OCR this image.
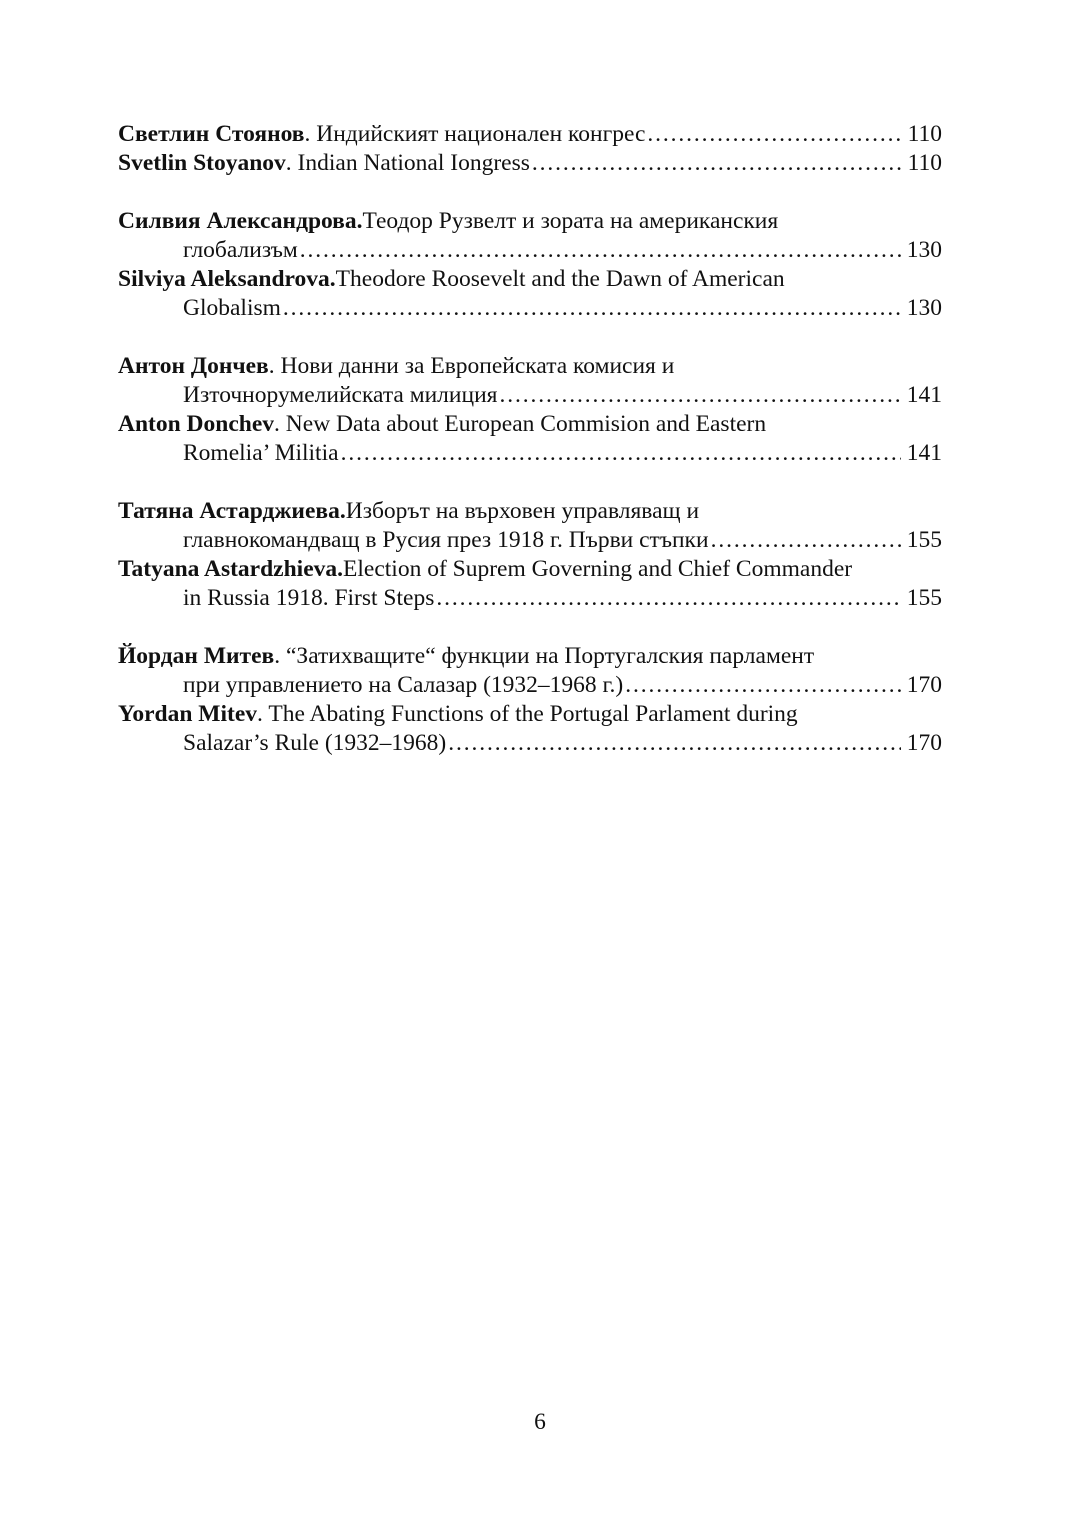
Светлин Стоянов . Индийският национален конгрес . . .	110
Svetlin Stoyanov . Indian National Iongress . . .	110
Силвия Александрова. Теодор Рузвелт и зората на американския
глобализъм . . .	130
Silviya Aleksandrova. Theodore Roosevelt and the Dawn of American
Globalism . . .	130
Антон Дончев . Нови данни за Европейската комисия и
Източнорумелийската милиция . . .	141
Anton Donchev . New Data about European Commision and Eastern
Romelia’ Militia . . .	141
Татяна Астарджиева. Изборът на върховен управляващ и
главнокомандващ в Русия през 1918 г. Първи стъпки . . .	155
Tatyana Astardzhieva. Election of Suprem Governing and Chief Commander
in Russia 1918. First Steps . . .	155
Йордан Митев . “Затихващите“ функции на Португалския парламент
при управлението на Салазар (1932–1968 г.) . . .	170
Yordan Mitev . The Abating Functions of the Portugal Parlament during
Salazar’s Rule (1932–1968) . . .	170
6
